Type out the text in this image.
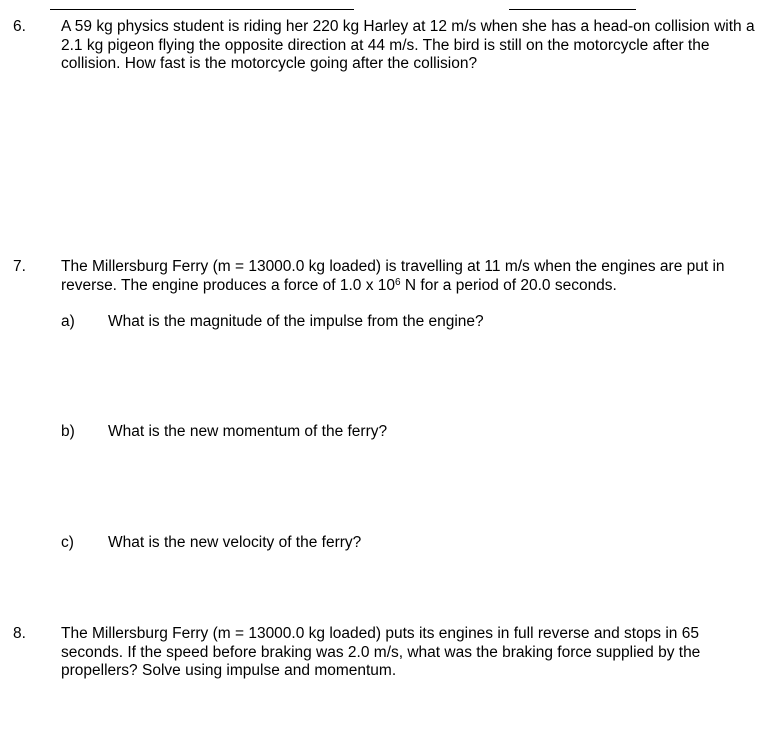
6.	A 59 kg physics student is riding her 220 kg Harley at 12 m/s when she has a head-on collision with a 2.1 kg pigeon flying the opposite direction at 44 m/s. The bird is still on the motorcycle after the collision. How fast is the motorcycle going after the collision?
7.	The Millersburg Ferry (m = 13000.0 kg loaded) is travelling at 11 m/s when the engines are put in reverse. The engine produces a force of 1.0 x $10^6$ N for a period of 20.0 seconds.
a)	What is the magnitude of the impulse from the engine?
b)	What is the new momentum of the ferry?
c)	What is the new velocity of the ferry?
8.	The Millersburg Ferry (m = 13000.0 kg loaded) puts its engines in full reverse and stops in 65 seconds. If the speed before braking was 2.0 m/s, what was the braking force supplied by the propellers? Solve using impulse and momentum.
